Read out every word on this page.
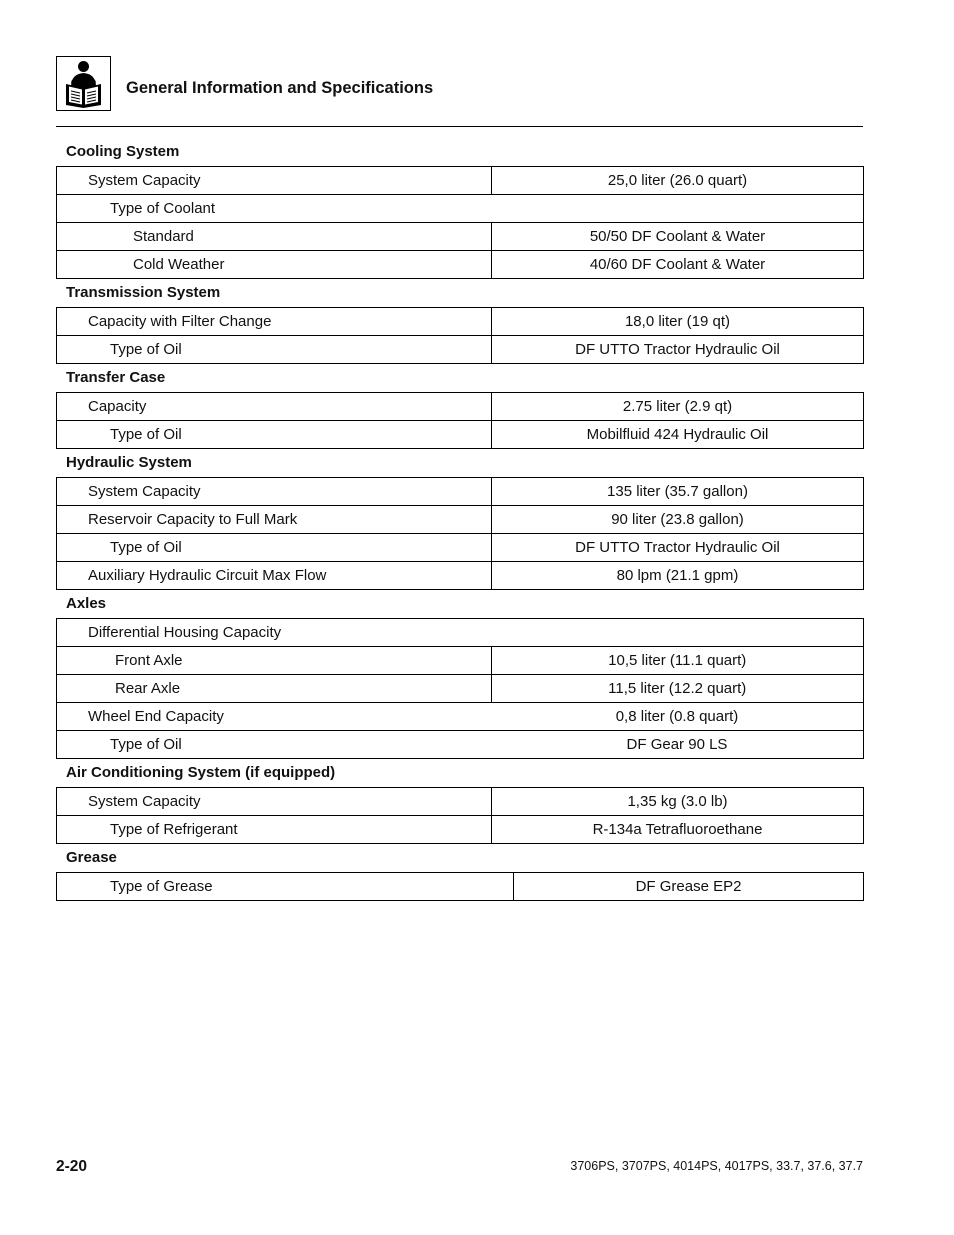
General Information and Specifications
Cooling System
System Capacity	25,0 liter (26.0 quart)
Type of Coolant	
Standard	50/50 DF Coolant & Water
Cold Weather	40/60 DF Coolant & Water
Transmission System
Capacity with Filter Change	18,0 liter (19 qt)
Type of Oil	DF UTTO Tractor Hydraulic Oil
Transfer Case
Capacity	2.75 liter (2.9 qt)
Type of Oil	Mobilfluid 424 Hydraulic Oil
Hydraulic System
System Capacity	135 liter (35.7 gallon)
Reservoir Capacity to Full Mark	90 liter (23.8 gallon)
Type of Oil	DF UTTO Tractor Hydraulic Oil
Auxiliary Hydraulic Circuit Max Flow	80 lpm (21.1 gpm)
Axles
Differential Housing Capacity	
Front Axle	10,5 liter (11.1 quart)
Rear Axle	11,5 liter (12.2 quart)
Wheel End Capacity	0,8 liter (0.8 quart)
Type of Oil	DF Gear 90 LS
Air Conditioning System (if equipped)
System Capacity	1,35 kg (3.0 lb)
Type of Refrigerant	R-134a Tetrafluoroethane
Grease
Type of Grease	DF Grease EP2
2-20	3706PS, 3707PS, 4014PS, 4017PS, 33.7, 37.6, 37.7
